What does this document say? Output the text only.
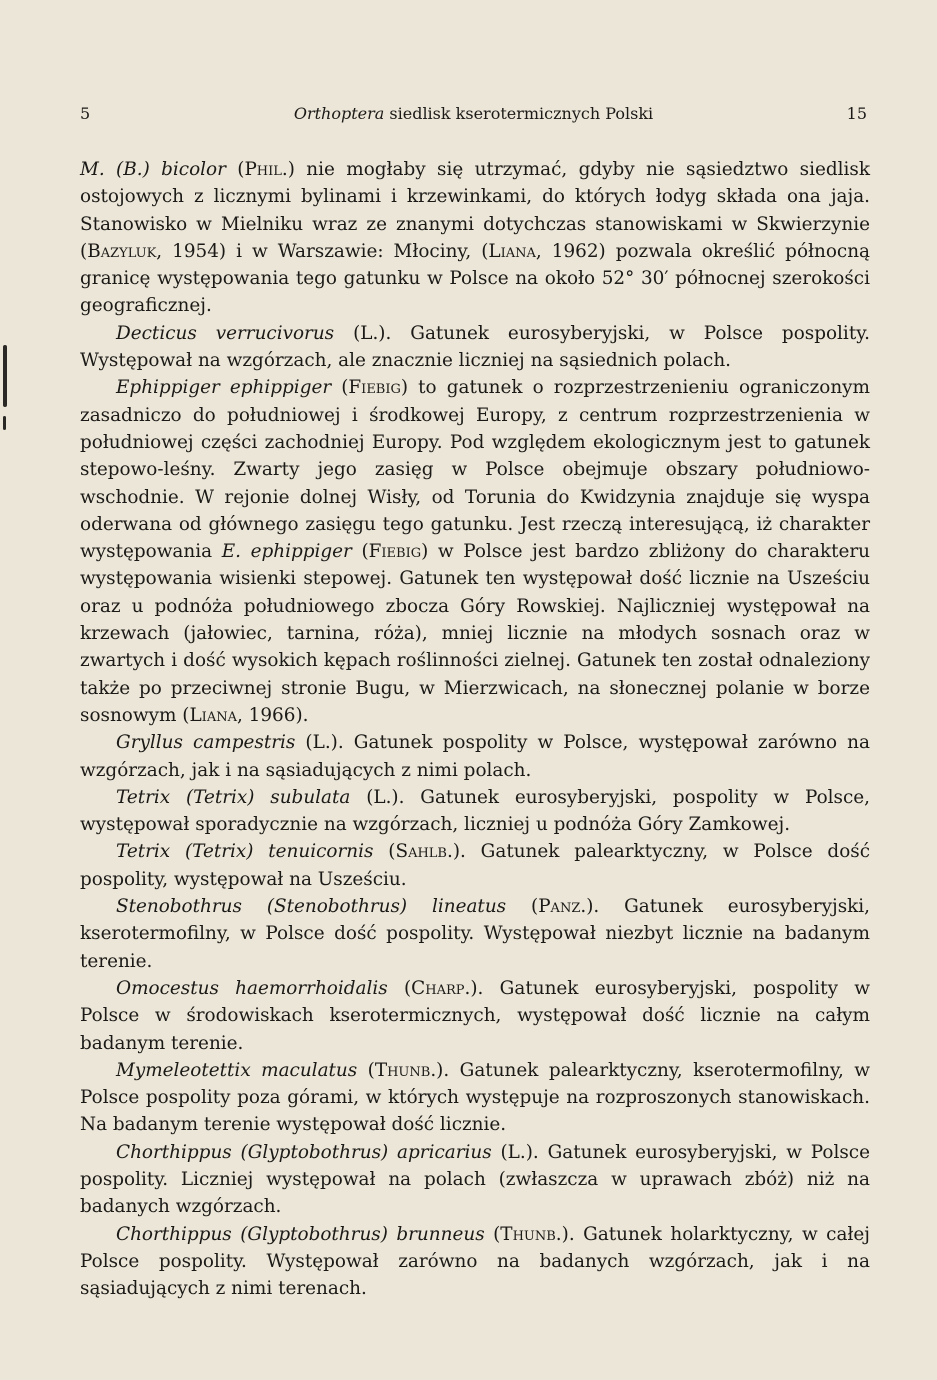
5	Orthoptera siedlisk kserotermicznych Polski	15

M. (B.) bicolor (Phil.) nie mogłaby się utrzymać, gdyby nie sąsiedztwo siedlisk ostojowych z licznymi bylinami i krzewinkami, do których łodyg składa ona jaja. Stanowisko w Mielniku wraz ze znanymi dotychczas stanowiskami w Skwierzynie (Bazyluk, 1954) i w Warszawie: Młociny, (Liana, 1962) pozwala określić północną granicę występowania tego gatunku w Polsce na około 52° 30′ północnej szerokości geograficznej.

Decticus verrucivorus (L.). Gatunek eurosyberyjski, w Polsce pospolity. Występował na wzgórzach, ale znacznie liczniej na sąsiednich polach.

Ephippiger ephippiger (Fiebig) to gatunek o rozprzestrzenieniu ograniczonym zasadniczo do południowej i środkowej Europy, z centrum rozprzestrzenienia w południowej części zachodniej Europy. Pod względem ekologicznym jest to gatunek stepowo-leśny. Zwarty jego zasięg w Polsce obejmuje obszary południowo-wschodnie. W rejonie dolnej Wisły, od Torunia do Kwidzynia znajduje się wyspa oderwana od głównego zasięgu tego gatunku. Jest rzeczą interesującą, iż charakter występowania E. ephippiger (Fiebig) w Polsce jest bardzo zbliżony do charakteru występowania wisienki stepowej. Gatunek ten występował dość licznie na Usześciu oraz u podnóża południowego zbocza Góry Rowskiej. Najliczniej występował na krzewach (jałowiec, tarnina, róża), mniej licznie na młodych sosnach oraz w zwartych i dość wysokich kępach roślinności zielnej. Gatunek ten został odnaleziony także po przeciwnej stronie Bugu, w Mierzwicach, na słonecznej polanie w borze sosnowym (Liana, 1966).

Gryllus campestris (L.). Gatunek pospolity w Polsce, występował zarówno na wzgórzach, jak i na sąsiadujących z nimi polach.

Tetrix (Tetrix) subulata (L.). Gatunek eurosyberyjski, pospolity w Polsce, występował sporadycznie na wzgórzach, liczniej u podnóża Góry Zamkowej.

Tetrix (Tetrix) tenuicornis (Sahlb.). Gatunek palearktyczny, w Polsce dość pospolity, występował na Usześciu.

Stenobothrus (Stenobothrus) lineatus (Panz.). Gatunek eurosyberyjski, kserotermofilny, w Polsce dość pospolity. Występował niezbyt licznie na badanym terenie.

Omocestus haemorrhoidalis (Charp.). Gatunek eurosyberyjski, pospolity w Polsce w środowiskach kserotermicznych, występował dość licznie na całym badanym terenie.

Mymeleotettix maculatus (Thunb.). Gatunek palearktyczny, kserotermofilny, w Polsce pospolity poza górami, w których występuje na rozproszonych stanowiskach. Na badanym terenie występował dość licznie.

Chorthippus (Glyptobothrus) apricarius (L.). Gatunek eurosyberyjski, w Polsce pospolity. Liczniej występował na polach (zwłaszcza w uprawach zbóż) niż na badanych wzgórzach.

Chorthippus (Glyptobothrus) brunneus (Thunb.). Gatunek holarktyczny, w całej Polsce pospolity. Występował zarówno na badanych wzgórzach, jak i na sąsiadujących z nimi terenach.
